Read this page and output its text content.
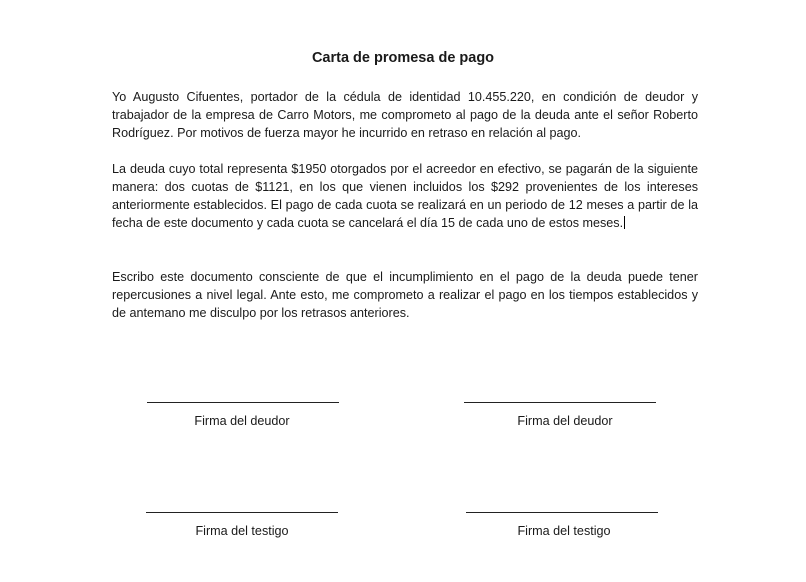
Carta de promesa de pago

Yo Augusto Cifuentes, portador de la cédula de identidad 10.455.220, en condición de deudor y trabajador de la empresa de Carro Motors, me comprometo al pago de la deuda ante el señor Roberto Rodríguez. Por motivos de fuerza mayor he incurrido en retraso en relación al pago.

La deuda cuyo total representa $1950 otorgados por el acreedor en efectivo, se pagarán de la siguiente manera: dos cuotas de $1121, en los que vienen incluidos los $292 provenientes de los intereses anteriormente establecidos. El pago de cada cuota se realizará en un periodo de 12 meses a partir de la fecha de este documento y cada cuota se cancelará el día 15 de cada uno de estos meses.

Escribo este documento consciente de que el incumplimiento en el pago de la deuda puede tener repercusiones a nivel legal. Ante esto, me comprometo a realizar el pago en los tiempos establecidos y de antemano me disculpo por los retrasos anteriores.

Firma del deudor	Firma del deudor

Firma del testigo	Firma del testigo
